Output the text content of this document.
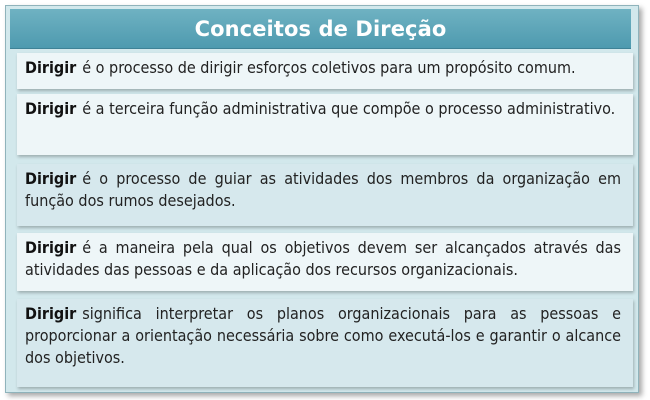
Conceitos de Direção
Dirigir é o processo de dirigir esforços coletivos para um propósito comum.
Dirigir é a terceira função administrativa que compõe o processo administrativo.
Dirigir é o processo de guiar as atividades dos membros da organização em função dos rumos desejados.
Dirigir é a maneira pela qual os objetivos devem ser alcançados através das atividades das pessoas e da aplicação dos recursos organizacionais.
Dirigir significa interpretar os planos organizacionais para as pessoas e proporcionar a orientação necessária sobre como executá-los e garantir o alcance dos objetivos.
